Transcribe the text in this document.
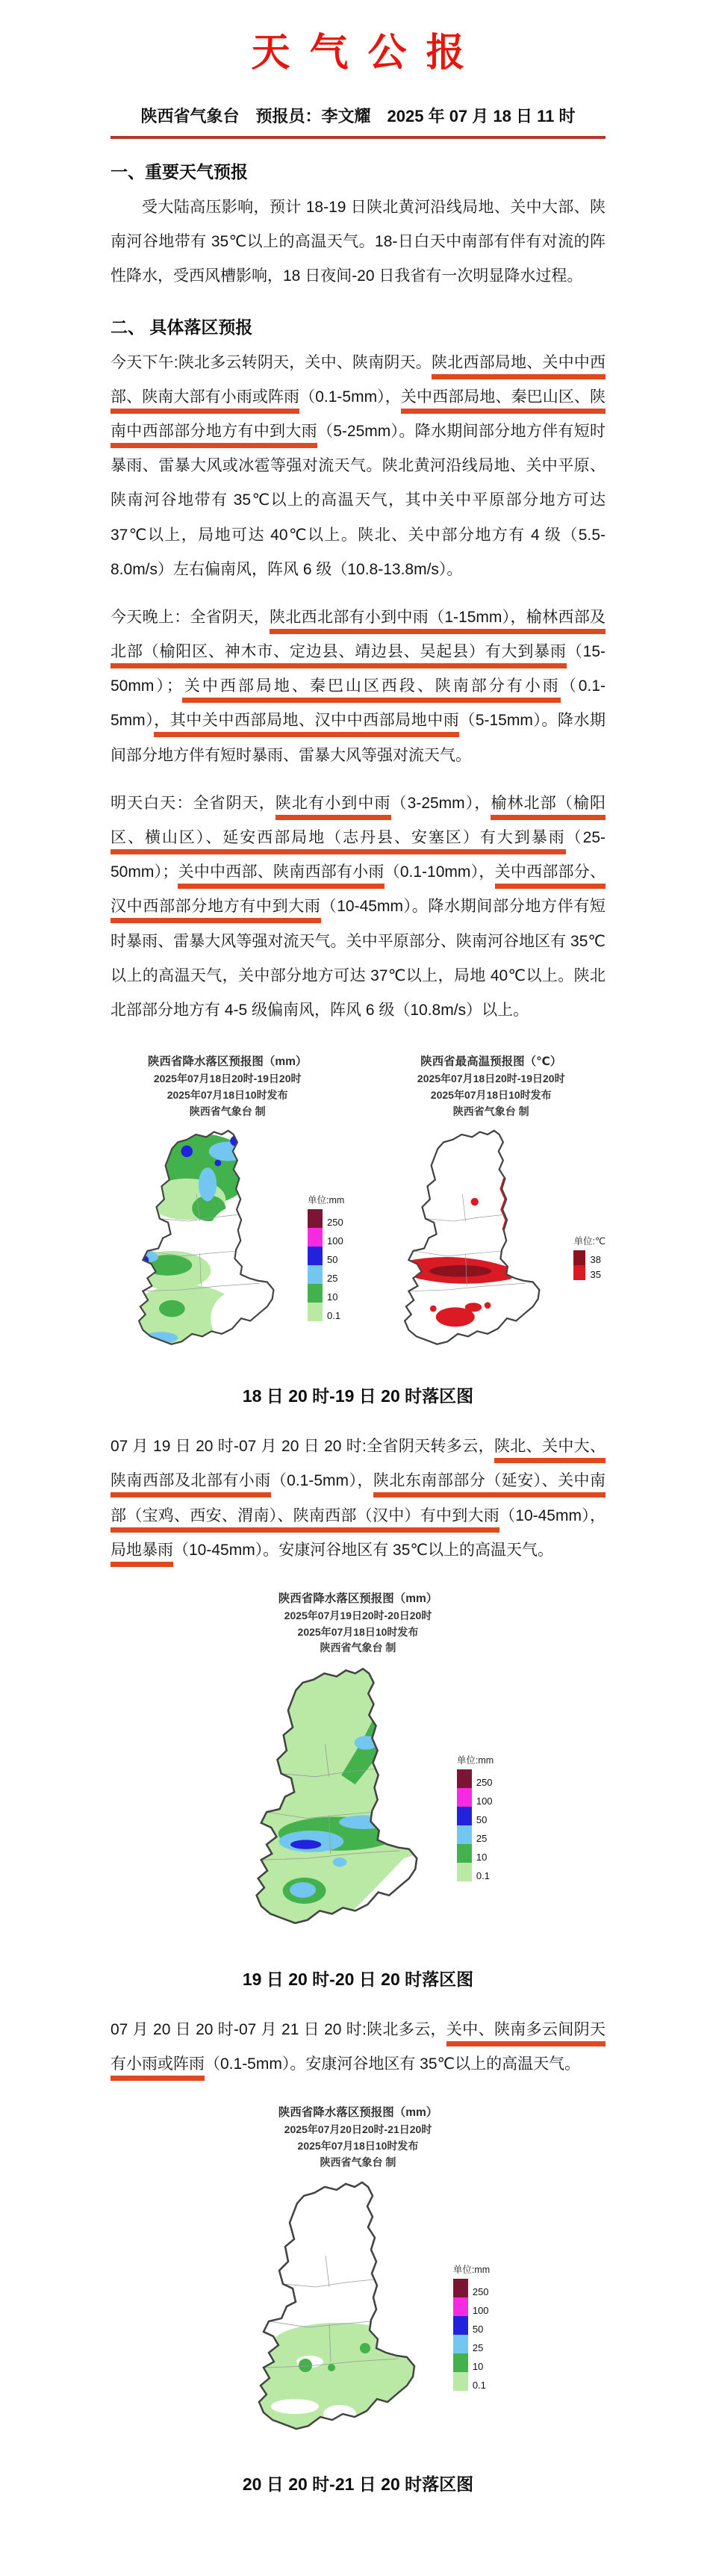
天气公报
陕西省气象台　预报员：李文耀　2025 年 07 月 18 日 11 时
一、重要天气预报

受大陆高压影响，预计 18-19 日陕北黄河沿线局地、关中大部、陕南河谷地带有 35℃以上的高温天气。18-日白天中南部有伴有对流的阵性降水，受西风槽影响，18 日夜间-20 日我省有一次明显降水过程。

二、 具体落区预报

今天下午:陕北多云转阴天，关中、陕南阴天。陕北西部局地、关中中西部、陕南大部有小雨或阵雨（0.1-5mm），关中西部局地、秦巴山区、陕南中西部部分地方有中到大雨（5-25mm）。降水期间部分地方伴有短时暴雨、雷暴大风或冰雹等强对流天气。陕北黄河沿线局地、关中平原、陕南河谷地带有 35℃以上的高温天气，其中关中平原部分地方可达 37℃以上，局地可达 40℃以上。陕北、关中部分地方有 4 级（5.5-8.0m/s）左右偏南风，阵风 6 级（10.8-13.8m/s）。

今天晚上：全省阴天，陕北西北部有小到中雨（1-15mm），榆林西部及北部（榆阳区、神木市、定边县、靖边县、吴起县）有大到暴雨（15-50mm）；关中西部局地、秦巴山区西段、陕南部分有小雨（0.1-5mm），其中关中西部局地、汉中中西部局地中雨（5-15mm）。降水期间部分地方伴有短时暴雨、雷暴大风等强对流天气。

明天白天：全省阴天，陕北有小到中雨（3-25mm），榆林北部（榆阳区、横山区）、延安西部局地（志丹县、安塞区）有大到暴雨（25-50mm）；关中中西部、陕南西部有小雨（0.1-10mm），关中西部部分、汉中西部部分地方有中到大雨（10-45mm）。降水期间部分地方伴有短时暴雨、雷暴大风等强对流天气。关中平原部分、陕南河谷地区有 35℃以上的高温天气，关中部分地方可达 37℃以上，局地 40℃以上。陕北北部部分地方有 4-5 级偏南风，阵风 6 级（10.8m/s）以上。

陕西省降水落区预报图（mm）
2025年07月18日20时-19日20时
2025年07月18日10时发布
陕西省气象台 制
单位:mm
250
100
50
25
10
0.1
陕西省最高温预报图（℃）
2025年07月18日20时-19日20时
2025年07月18日10时发布
陕西省气象台 制
单位:℃
38
35
18 日 20 时-19 日 20 时落区图

07 月 19 日 20 时-07 月 20 日 20 时:全省阴天转多云，陕北、关中大、陕南西部及北部有小雨（0.1-5mm），陕北东南部部分（延安）、关中南部（宝鸡、西安、渭南）、陕南西部（汉中）有中到大雨（10-45mm），局地暴雨（10-45mm）。安康河谷地区有 35℃以上的高温天气。

陕西省降水落区预报图（mm）
2025年07月19日20时-20日20时
2025年07月18日10时发布
陕西省气象台 制
单位:mm
250
100
50
25
10
0.1
19 日 20 时-20 日 20 时落区图

07 月 20 日 20 时-07 月 21 日 20 时:陕北多云，关中、陕南多云间阴天有小雨或阵雨（0.1-5mm）。安康河谷地区有 35℃以上的高温天气。

陕西省降水落区预报图（mm）
2025年07月20日20时-21日20时
2025年07月18日10时发布
陕西省气象台 制
单位:mm
250
100
50
25
10
0.1
20 日 20 时-21 日 20 时落区图
